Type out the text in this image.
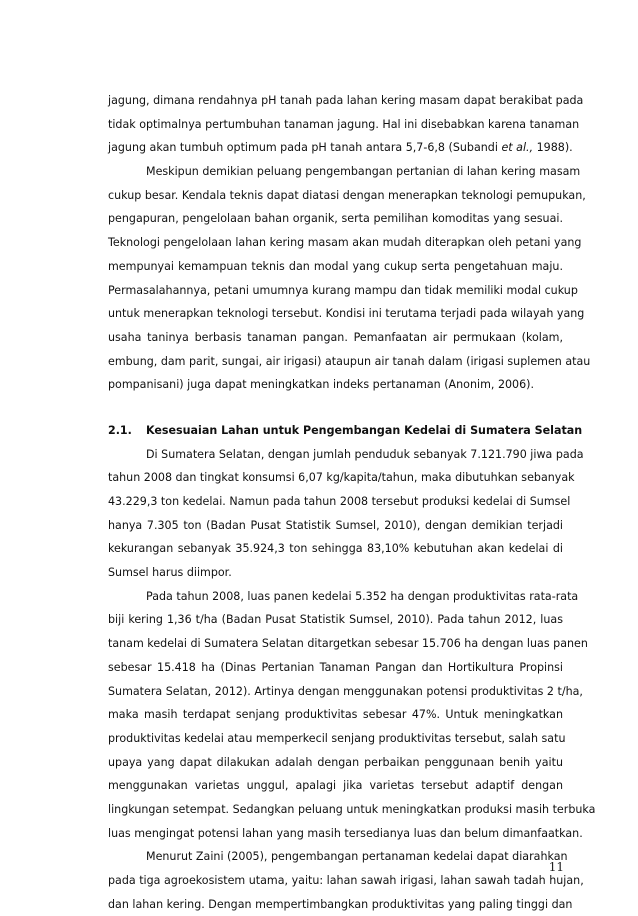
jagung, dimana rendahnya pH tanah pada lahan kering masam dapat berakibat pada
tidak optimalnya pertumbuhan tanaman jagung. Hal ini disebabkan karena tanaman
jagung akan tumbuh optimum pada pH tanah antara 5,7-6,8 (Subandi et al., 1988).
Meskipun demikian peluang pengembangan pertanian di lahan kering masam
cukup besar. Kendala teknis dapat diatasi dengan menerapkan teknologi pemupukan,
pengapuran, pengelolaan bahan organik, serta pemilihan komoditas yang sesuai.
Teknologi pengelolaan lahan kering masam akan mudah diterapkan oleh petani yang
mempunyai kemampuan teknis dan modal yang cukup serta pengetahuan maju.
Permasalahannya, petani umumnya kurang mampu dan tidak memiliki modal cukup
untuk menerapkan teknologi tersebut. Kondisi ini terutama terjadi pada wilayah yang
usaha taninya berbasis tanaman pangan. Pemanfaatan air permukaan (kolam,
embung, dam parit, sungai, air irigasi) ataupun air tanah dalam (irigasi suplemen atau
pompanisani) juga dapat meningkatkan indeks pertanaman (Anonim, 2006).
2.1. Kesesuaian Lahan untuk Pengembangan Kedelai di Sumatera Selatan
Di Sumatera Selatan, dengan jumlah penduduk sebanyak 7.121.790 jiwa pada
tahun 2008 dan tingkat konsumsi 6,07 kg/kapita/tahun, maka dibutuhkan sebanyak
43.229,3 ton kedelai. Namun pada tahun 2008 tersebut produksi kedelai di Sumsel
hanya 7.305 ton (Badan Pusat Statistik Sumsel, 2010), dengan demikian terjadi
kekurangan sebanyak 35.924,3 ton sehingga 83,10% kebutuhan akan kedelai di
Sumsel harus diimpor.
Pada tahun 2008, luas panen kedelai 5.352 ha dengan produktivitas rata-rata
biji kering 1,36 t/ha (Badan Pusat Statistik Sumsel, 2010). Pada tahun 2012, luas
tanam kedelai di Sumatera Selatan ditargetkan sebesar 15.706 ha dengan luas panen
sebesar 15.418 ha (Dinas Pertanian Tanaman Pangan dan Hortikultura Propinsi
Sumatera Selatan, 2012). Artinya dengan menggunakan potensi produktivitas 2 t/ha,
maka masih terdapat senjang produktivitas sebesar 47%. Untuk meningkatkan
produktivitas kedelai atau memperkecil senjang produktivitas tersebut, salah satu
upaya yang dapat dilakukan adalah dengan perbaikan penggunaan benih yaitu
menggunakan varietas unggul, apalagi jika varietas tersebut adaptif dengan
lingkungan setempat. Sedangkan peluang untuk meningkatkan produksi masih terbuka
luas mengingat potensi lahan yang masih tersedianya luas dan belum dimanfaatkan.
Menurut Zaini (2005), pengembangan pertanaman kedelai dapat diarahkan
pada tiga agroekosistem utama, yaitu: lahan sawah irigasi, lahan sawah tadah hujan,
dan lahan kering. Dengan mempertimbangkan produktivitas yang paling tinggi dan
11
